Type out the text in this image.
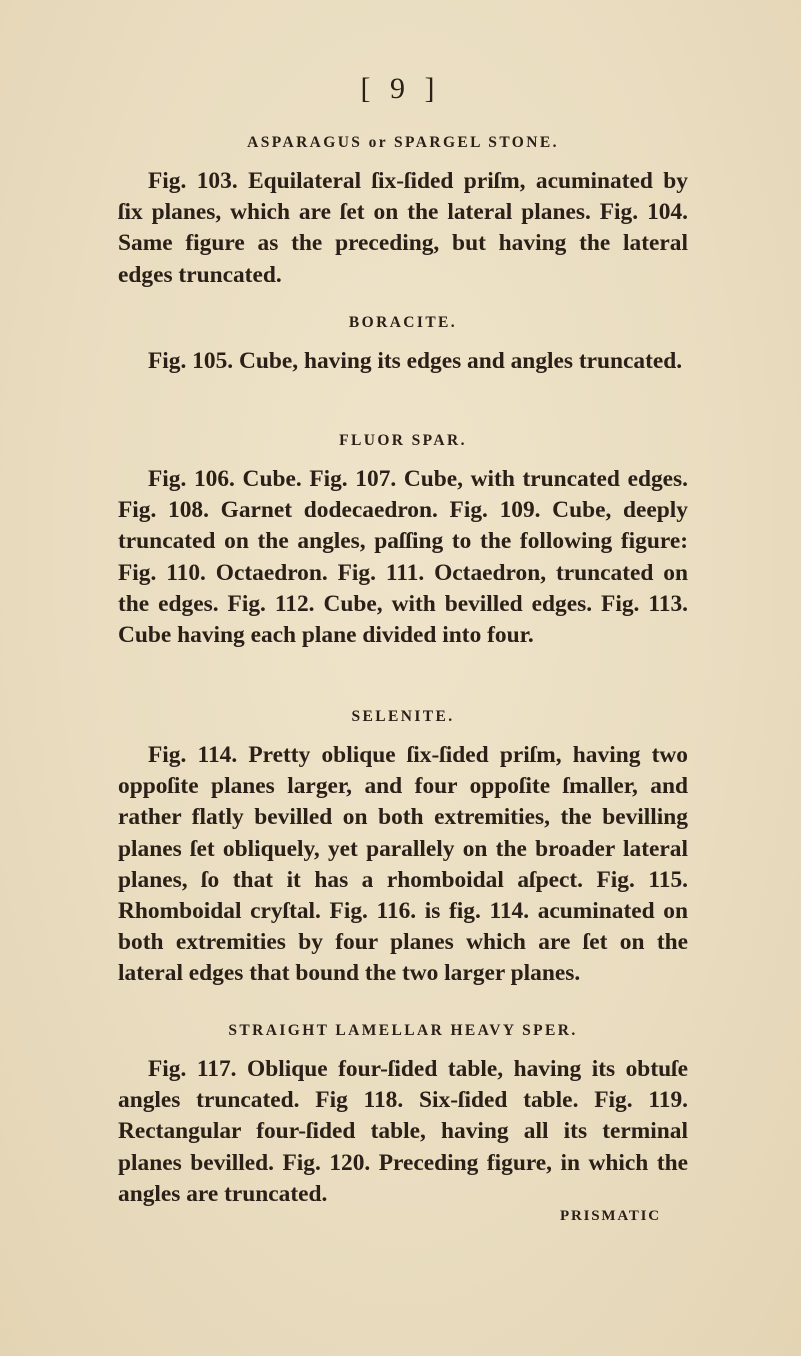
[ 9 ]

ASPARAGUS or SPARGEL STONE.

Fig. 103. Equilateral ſix-ſided priſm, acuminated by ſix planes, which are ſet on the lateral planes. Fig. 104. Same figure as the preceding, but having the lateral edges truncated.

BORACITE.

Fig. 105. Cube, having its edges and angles truncated.

FLUOR SPAR.

Fig. 106. Cube. Fig. 107. Cube, with truncated edges. Fig. 108. Garnet dodecaedron. Fig. 109. Cube, deeply truncated on the angles, paſſing to the following figure: Fig. 110. Octaedron. Fig. 111. Octaedron, truncated on the edges. Fig. 112. Cube, with bevilled edges. Fig. 113. Cube having each plane divided into four.

SELENITE.

Fig. 114. Pretty oblique ſix-ſided priſm, having two oppoſite planes larger, and four oppoſite ſmaller, and rather flatly bevilled on both extremities, the bevilling planes ſet obliquely, yet parallely on the broader lateral planes, ſo that it has a rhomboidal aſpect. Fig. 115. Rhomboidal cryſtal. Fig. 116. is fig. 114. acuminated on both extremities by four planes which are ſet on the lateral edges that bound the two larger planes.

STRAIGHT LAMELLAR HEAVY SPER.

Fig. 117. Oblique four-ſided table, having its obtuſe angles truncated. Fig 118. Six-ſided table. Fig. 119. Rectangular four-ſided table, having all its terminal planes bevilled. Fig. 120. Preceding figure, in which the angles are truncated.

PRISMATIC
